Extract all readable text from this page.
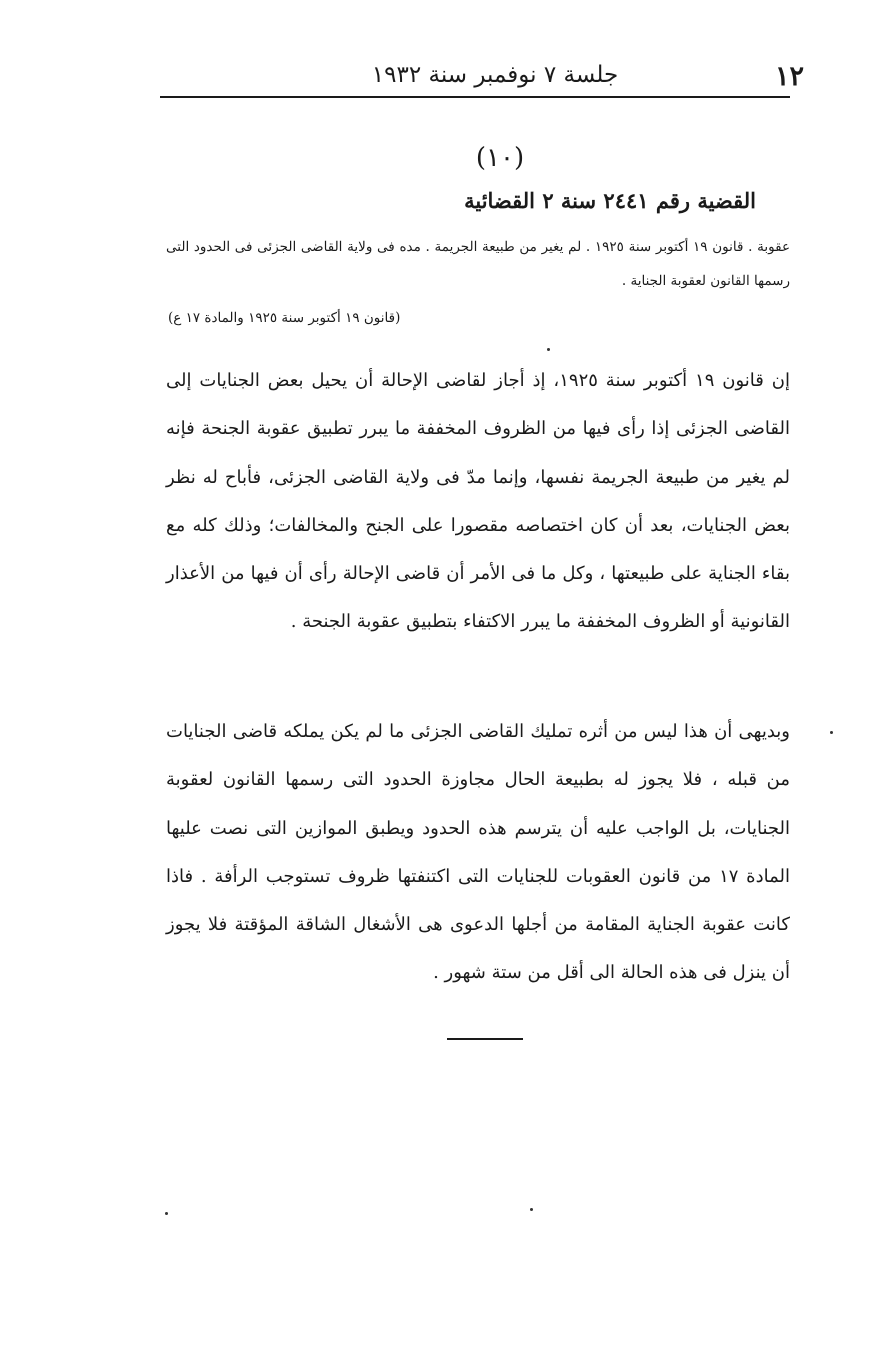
١٢
جلسة ٧ نوفمبر سنة ١٩٣٢
(١٠)
القضية رقم ٢٤٤١ سنة ٢ القضائية
عقوبة . قانون ١٩ أكتوبر سنة ١٩٢٥ . لم يغير من طبيعة الجريمة . مده فى ولاية القاضى الجزئى فى الحدود التى رسمها القانون لعقوبة الجناية .
(قانون ١٩ أكتوبر سنة ١٩٢٥ والمادة ١٧ ع)
إن قانون ١٩ أكتوبر سنة ١٩٢٥، إذ أجاز لقاضى الإحالة أن يحيل بعض الجنايات إلى القاضى الجزئى إذا رأى فيها من الظروف المخففة ما يبرر تطبيق عقوبة الجنحة فإنه لم يغير من طبيعة الجريمة نفسها، وإنما مدّ فى ولاية القاضى الجزئى، فأباح له نظر بعض الجنايات، بعد أن كان اختصاصه مقصورا على الجنح والمخالفات؛ وذلك كله مع بقاء الجناية على طبيعتها ، وكل ما فى الأمر أن قاضى الإحالة رأى أن فيها من الأعذار القانونية أو الظروف المخففة ما يبرر الاكتفاء بتطبيق عقوبة الجنحة .
وبديهى أن هذا ليس من أثره تمليك القاضى الجزئى ما لم يكن يملكه قاضى الجنايات من قبله ، فلا يجوز له بطبيعة الحال مجاوزة الحدود التى رسمها القانون لعقوبة الجنايات، بل الواجب عليه أن يترسم هذه الحدود ويطبق الموازين التى نصت عليها المادة ١٧ من قانون العقوبات للجنايات التى اكتنفتها ظروف تستوجب الرأفة . فاذا كانت عقوبة الجناية المقامة من أجلها الدعوى هى الأشغال الشاقة المؤقتة فلا يجوز أن ينزل فى هذه الحالة الى أقل من ستة شهور .
